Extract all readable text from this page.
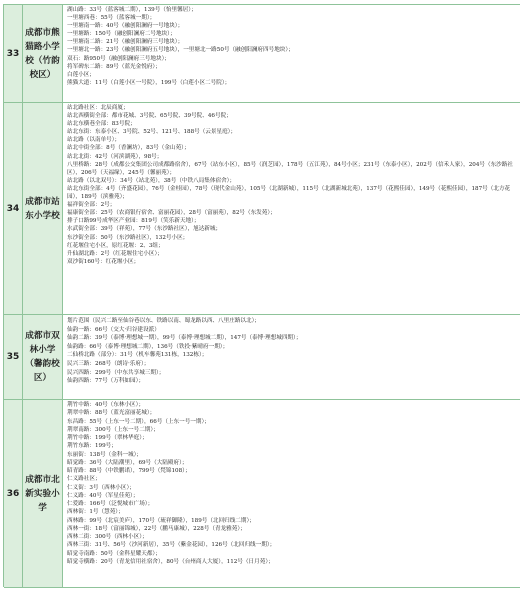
33
成都市熊猫路小学校（竹韵校区）
湖山路：33号（蓝客城二期），139号（怡里馨居）；
一里塘西巷：55号（蓝客城一期）；
一里塘南一路：40号（融创阳澜府一号地块）；
一里塘路：150号（融创阳澜府二号地块）；
一里塘南二路：21号（融创阳澜府三号地块）；
一里塘北一路：23号（融创阳澜府五号地块），一里塘北一路50号（融创阳澜府四号地块）；
双石：路950号（融创阳澜府三号地块）；
将军碑东二路：89号（蓝光金悦府）；
白莲小区；
熊猫大道：11号（白莲小区一号院），199号（白莲小区二号院）；
34
成都市站东小学校
站北路社区：北辰商厦；
站北西横街全部：都市花城、3号院、65号院、39号院、46号院；
站北东横巷全部：83号院；
站北东街：东泰小区、3号院、52号、121号、188号（云景星庭）；
站北路（以南单号）；
站北中街全部：8号（香澜坊），83号（金山苑）；
站北北街：42号（河滨湖苑），98号；
八里桥路：28号（成都公交集团公司成都路宿舍），67号（站东小区），85号（润芝园），178号（五江苑），84号小区；231号（东泰小区），202号（信禾人家），204号（东沙路社区），206号（天福缘），245号（馨丽苑）；
站北路（以北双号）：34号（站北苑），38号（中铁八局集体宿舍）；
站北东街全部：4号（齐盛花园），76号（金桂园），78号（现代金山苑），105号（北湖新城），115号（北湖新城北苑），137号（花熙佳园），149号（花熙佳园），187号（北方花园），189号（滨雅苑）；
福祥街全部：2号；
福康街全部：25号（农商银行宿舍、富丽花园），28号（富丽苑），82号（东发苑）；
排子口路99号成华区产业园：819号（笑乐新天地）；
水武街全部：39号（祥苑），77号（东沙路社区），旭达新城；
东沙街全部：50号（东沙路社区），132号小区；
红花堰住宅小区，原红花堰：2、3组；
升仙湖北路：2号（红花堰住宅小区）；
双沙街160号：红花堰小区；
35
成都市双林小学（馨韵校区）
划片范围（民兴二路至仙谷巷以东、铁路以南、蜀龙路以西、八里庄路以北）；
仙韵一路：66号（交大·归谷建设派）
仙韵二路：39号（泰博·理想城一期），99号（泰博·理想城二期），147号（泰博·理想城四期）；
仙韵路：66号（泰博·理想城二期），136号（铁投·紫晴府一期）；
二仙桥北路（部分）：31号（机车馨苑131栋，132栋）；
民兴三路：268号（朗诗·乐府）；
民兴四路：299号（中东共享城三期）；
仙韵四路：77号（万科如园）；
36
成都市北新实验小学
荆竹中路：40号（东林小区）；
荆翠中路：88号（蓝光富丽花城）；
东昌路：55号（上东一号二期），66号（上东一号一期）；
荆翠南路：300号（上东一号二期）；
荆竹中路：199号（翠林华庭）；
荆竹东路：199号；
东丽街：138号（金科一城）；
昭觉路：36号（大陆潮里），69号（大陆殿府）；
昭青路：88号（中铁鹏诺），799号（梵锦108）；
仁义路社区；
仁义街：3号（西林小区）；
仁义路：40号（军星佳苑）；
仁爱路：166号（泛悦城市广场）；
西林街：1号（慧苑）；
西林路：99号（北宸美庐），170号（琉祥御隆），189号（北回归线二期）；
西林一街：18号（富丽锦城），22号（鹏马康城），228号（青龙雅苑）；
西林二街：300号（西林小区）；
西林三街：31号、56号（沙河新居），35号（紫金花园），126号（北回归线一期）；
昭觉寺南路：50号（金科星耀天都）；
昭觉寺横路：20号（青龙信用社宿舍），80号（台州商人大厦），112号（日月苑）；
